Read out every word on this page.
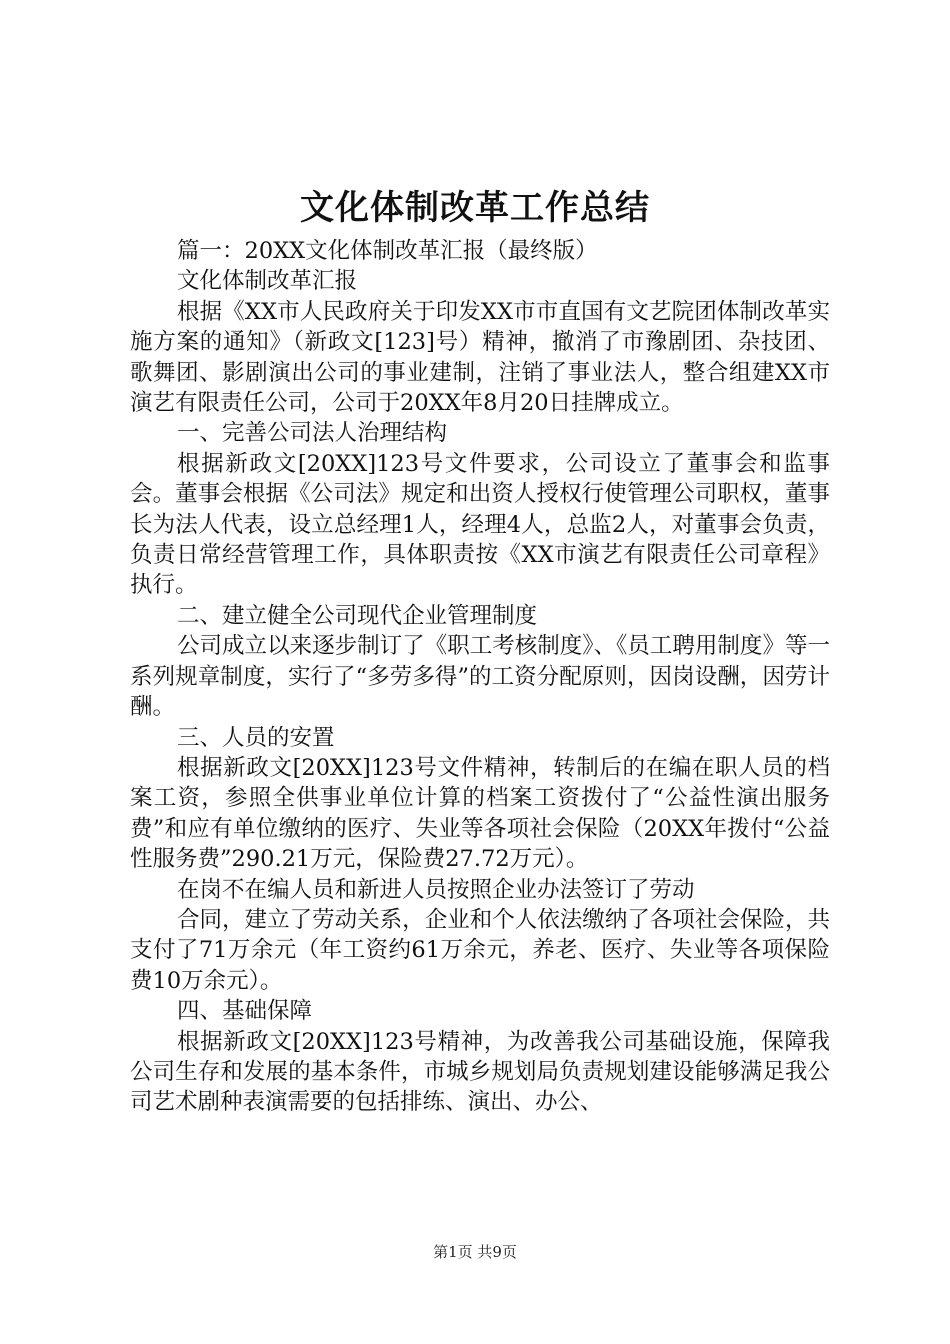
文化体制改革工作总结

篇一：20XX文化体制改革汇报（最终版）

文化体制改革汇报

根据《XX市人民政府关于印发XX市市直国有文艺院团体制改革实施方案的通知》（新政文[123]号）精神，撤消了市豫剧团、杂技团、歌舞团、影剧演出公司的事业建制，注销了事业法人，整合组建XX市演艺有限责任公司，公司于20XX年8月20日挂牌成立。

一、完善公司法人治理结构

根据新政文[20XX]123号文件要求，公司设立了董事会和监事会。董事会根据《公司法》规定和出资人授权行使管理公司职权，董事长为法人代表，设立总经理1人，经理4人，总监2人，对董事会负责，负责日常经营管理工作，具体职责按《XX市演艺有限责任公司章程》执行。

二、建立健全公司现代企业管理制度

公司成立以来逐步制订了《职工考核制度》、《员工聘用制度》等一系列规章制度，实行了“多劳多得”的工资分配原则，因岗设酬，因劳计酬。

三、人员的安置

根据新政文[20XX]123号文件精神，转制后的在编在职人员的档案工资，参照全供事业单位计算的档案工资拨付了“公益性演出服务费”和应有单位缴纳的医疗、失业等各项社会保险（20XX年拨付“公益性服务费”290.21万元，保险费27.72万元）。

在岗不在编人员和新进人员按照企业办法签订了劳动

合同，建立了劳动关系，企业和个人依法缴纳了各项社会保险，共支付了71万余元（年工资约61万余元，养老、医疗、失业等各项保险费10万余元）。

四、基础保障

根据新政文[20XX]123号精神，为改善我公司基础设施，保障我公司生存和发展的基本条件，市城乡规划局负责规划建设能够满足我公司艺术剧种表演需要的包括排练、演出、办公、

第1页 共9页
